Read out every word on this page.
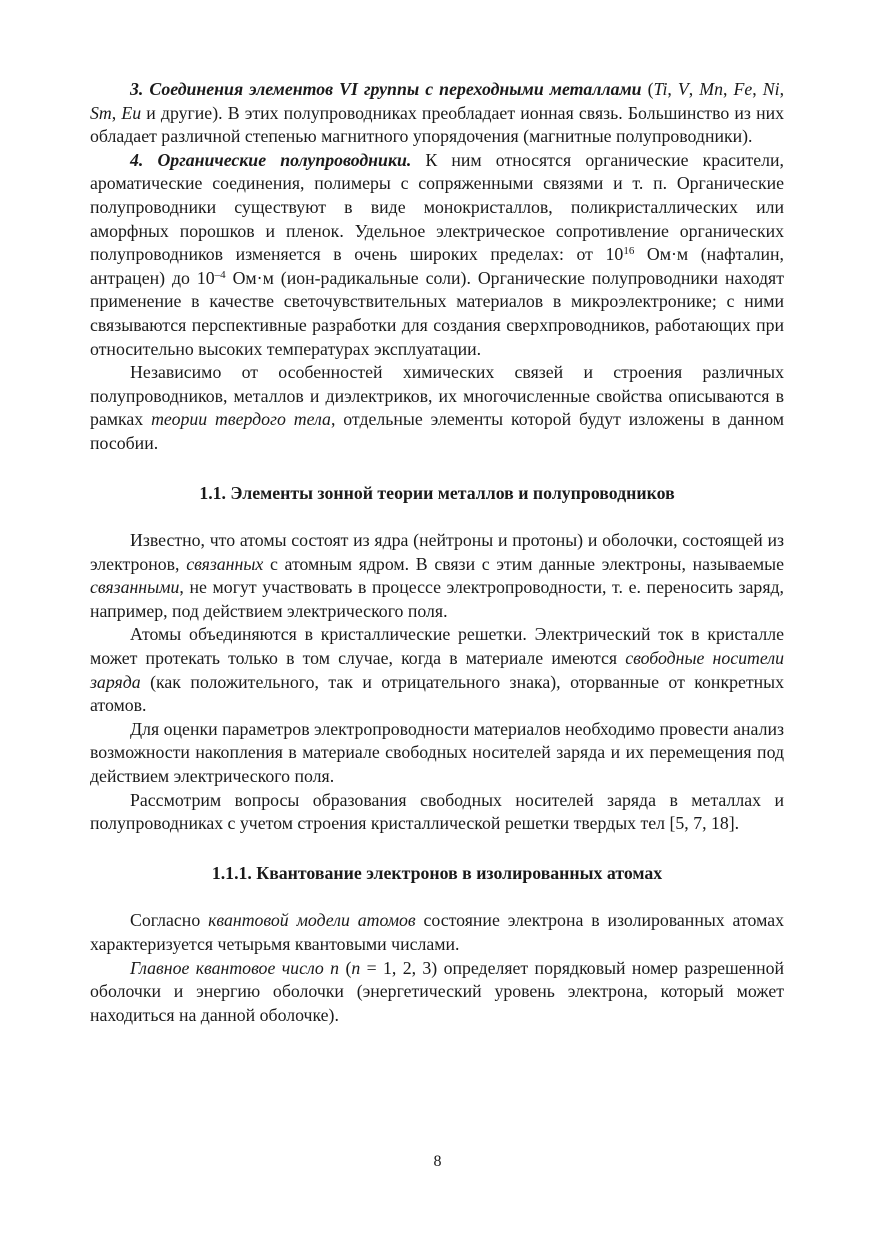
3. Соединения элементов VI группы с переходными металлами (Ti, V, Mn, Fe, Ni, Sm, Eu и другие). В этих полупроводниках преобладает ионная связь. Большинство из них обладает различной степенью магнитного упорядочения (магнитные полупроводники).

4. Органические полупроводники. К ним относятся органические красители, ароматические соединения, полимеры с сопряженными связями и т. п. Органические полупроводники существуют в виде монокристаллов, поликристаллических или аморфных порошков и пленок. Удельное электрическое сопротивление органических полупроводников изменяется в очень широких пределах: от $10^{16}$ Ом·м (нафталин, антрацен) до $10^{-4}$ Ом·м (ион-радикальные соли). Органические полупроводники находят применение в качестве светочувствительных материалов в микроэлектронике; с ними связываются перспективные разработки для создания сверхпроводников, работающих при относительно высоких температурах эксплуатации.

Независимо от особенностей химических связей и строения различных полупроводников, металлов и диэлектриков, их многочисленные свойства описываются в рамках теории твердого тела, отдельные элементы которой будут изложены в данном пособии.

1.1. Элементы зонной теории металлов и полупроводников

Известно, что атомы состоят из ядра (нейтроны и протоны) и оболочки, состоящей из электронов, связанных с атомным ядром. В связи с этим данные электроны, называемые связанными, не могут участвовать в процессе электропроводности, т. е. переносить заряд, например, под действием электрического поля.

Атомы объединяются в кристаллические решетки. Электрический ток в кристалле может протекать только в том случае, когда в материале имеются свободные носители заряда (как положительного, так и отрицательного знака), оторванные от конкретных атомов.

Для оценки параметров электропроводности материалов необходимо провести анализ возможности накопления в материале свободных носителей заряда и их перемещения под действием электрического поля.

Рассмотрим вопросы образования свободных носителей заряда в металлах и полупроводниках с учетом строения кристаллической решетки твердых тел [5, 7, 18].

1.1.1. Квантование электронов в изолированных атомах

Согласно квантовой модели атомов состояние электрона в изолированных атомах характеризуется четырьмя квантовыми числами.

Главное квантовое число n (n = 1, 2, 3) определяет порядковый номер разрешенной оболочки и энергию оболочки (энергетический уровень электрона, который может находиться на данной оболочке).

8
